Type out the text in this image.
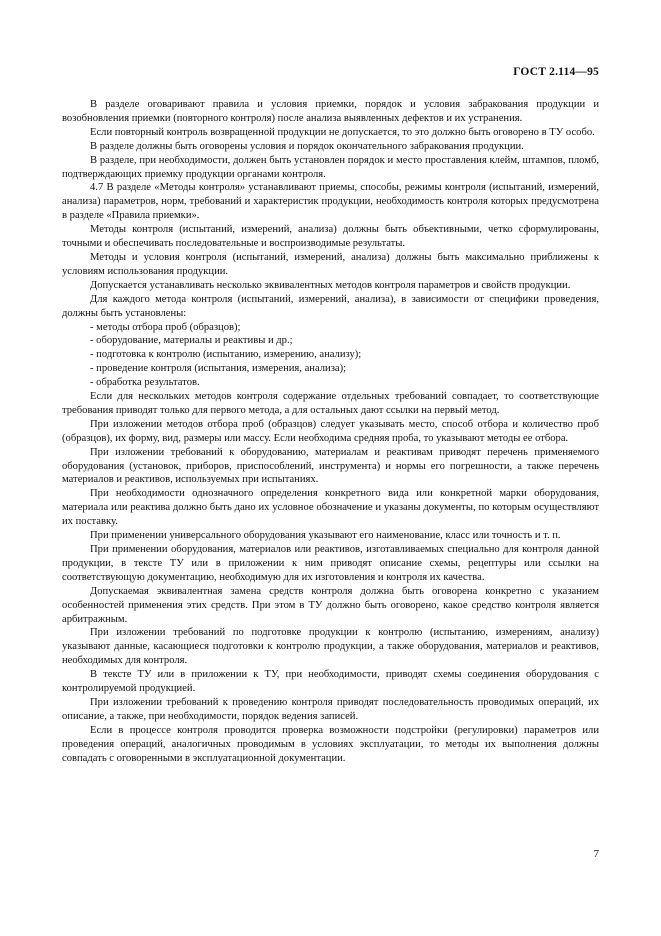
ГОСТ 2.114—95

В разделе оговаривают правила и условия приемки, порядок и условия забракования продукции и возобновления приемки (повторного контроля) после анализа выявленных дефектов и их устранения.

Если повторный контроль возвращенной продукции не допускается, то это должно быть оговорено в ТУ особо.

В разделе должны быть оговорены условия и порядок окончательного забракования продукции.

В разделе, при необходимости, должен быть установлен порядок и место проставления клейм, штампов, пломб, подтверждающих приемку продукции органами контроля.

4.7 В разделе «Методы контроля» устанавливают приемы, способы, режимы контроля (испытаний, измерений, анализа) параметров, норм, требований и характеристик продукции, необходимость контроля которых предусмотрена в разделе «Правила приемки».

Методы контроля (испытаний, измерений, анализа) должны быть объективными, четко сформулированы, точными и обеспечивать последовательные и воспроизводимые результаты.

Методы и условия контроля (испытаний, измерений, анализа) должны быть максимально приближены к условиям использования продукции.

Допускается устанавливать несколько эквивалентных методов контроля параметров и свойств продукции.

Для каждого метода контроля (испытаний, измерений, анализа), в зависимости от специфики проведения, должны быть установлены:

- методы отбора проб (образцов);

- оборудование, материалы и реактивы и др.;

- подготовка к контролю (испытанию, измерению, анализу);

- проведение контроля (испытания, измерения, анализа);

- обработка результатов.

Если для нескольких методов контроля содержание отдельных требований совпадает, то соответствующие требования приводят только для первого метода, а для остальных дают ссылки на первый метод.

При изложении методов отбора проб (образцов) следует указывать место, способ отбора и количество проб (образцов), их форму, вид, размеры или массу. Если необходима средняя проба, то указывают методы ее отбора.

При изложении требований к оборудованию, материалам и реактивам приводят перечень применяемого оборудования (установок, приборов, приспособлений, инструмента) и нормы его погрешности, а также перечень материалов и реактивов, используемых при испытаниях.

При необходимости однозначного определения конкретного вида или конкретной марки оборудования, материала или реактива должно быть дано их условное обозначение и указаны документы, по которым осуществляют их поставку.

При применении универсального оборудования указывают его наименование, класс или точность и т. п.

При применении оборудования, материалов или реактивов, изготавливаемых специально для контроля данной продукции, в тексте ТУ или в приложении к ним приводят описание схемы, рецептуры или ссылки на соответствующую документацию, необходимую для их изготовления и контроля их качества.

Допускаемая эквивалентная замена средств контроля должна быть оговорена конкретно с указанием особенностей применения этих средств. При этом в ТУ должно быть оговорено, какое средство контроля является арбитражным.

При изложении требований по подготовке продукции к контролю (испытанию, измерениям, анализу) указывают данные, касающиеся подготовки к контролю продукции, а также оборудования, материалов и реактивов, необходимых для контроля.

В тексте ТУ или в приложении к ТУ, при необходимости, приводят схемы соединения оборудования с контролируемой продукцией.

При изложении требований к проведению контроля приводят последовательность проводимых операций, их описание, а также, при необходимости, порядок ведения записей.

Если в процессе контроля проводится проверка возможности подстройки (регулировки) параметров или проведения операций, аналогичных проводимым в условиях эксплуатации, то методы их выполнения должны совпадать с оговоренными в эксплуатационной документации.

7
